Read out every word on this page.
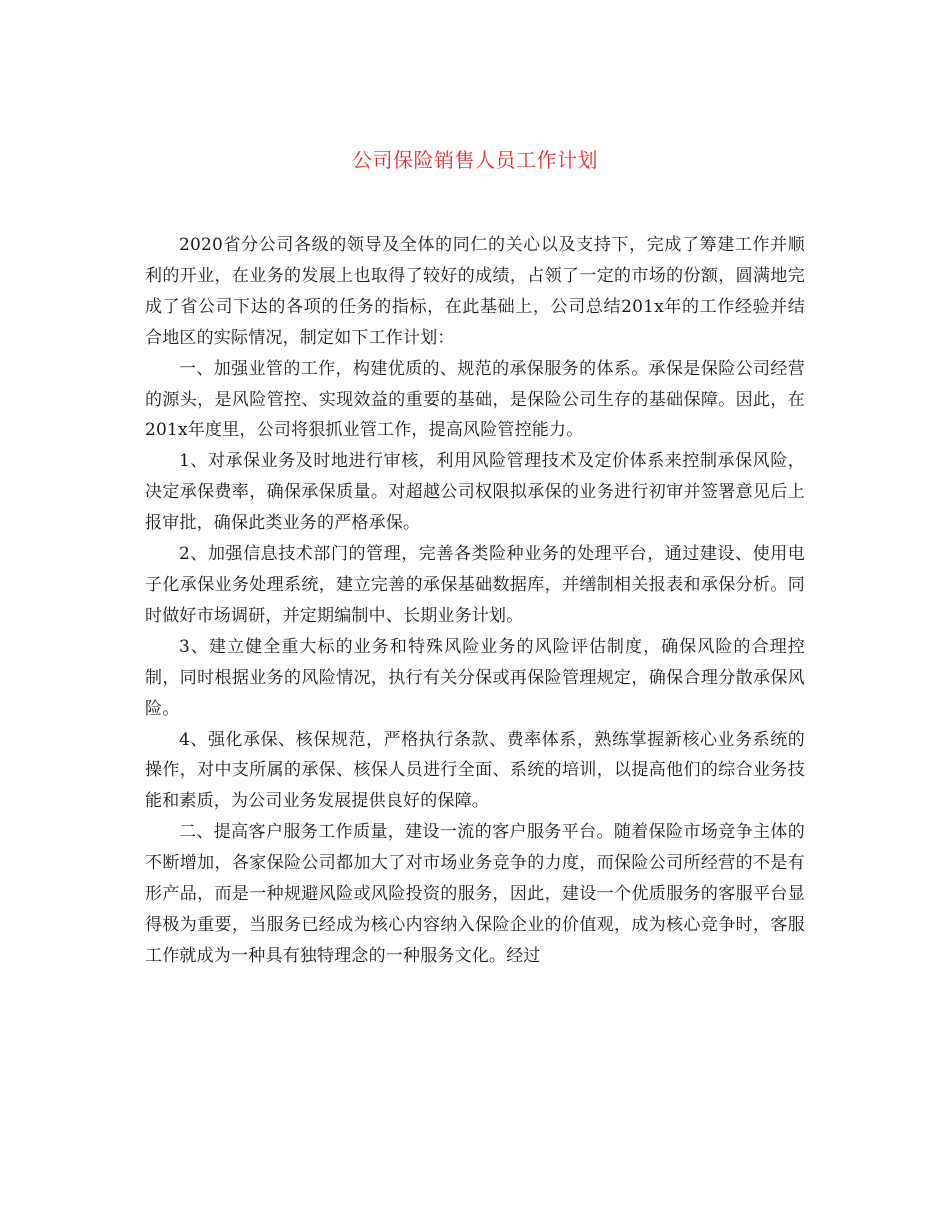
公司保险销售人员工作计划

2020省分公司各级的领导及全体的同仁的关心以及支持下，完成了筹建工作并顺利的开业，在业务的发展上也取得了较好的成绩，占领了一定的市场的份额，圆满地完成了省公司下达的各项的任务的指标，在此基础上，公司总结201x年的工作经验并结合地区的实际情况，制定如下工作计划：

一、加强业管的工作，构建优质的、规范的承保服务的体系。承保是保险公司经营的源头，是风险管控、实现效益的重要的基础，是保险公司生存的基础保障。因此，在201x年度里，公司将狠抓业管工作，提高风险管控能力。

1、对承保业务及时地进行审核，利用风险管理技术及定价体系来控制承保风险，决定承保费率，确保承保质量。对超越公司权限拟承保的业务进行初审并签署意见后上报审批，确保此类业务的严格承保。

2、加强信息技术部门的管理，完善各类险种业务的处理平台，通过建设、使用电子化承保业务处理系统，建立完善的承保基础数据库，并缮制相关报表和承保分析。同时做好市场调研，并定期编制中、长期业务计划。

3、建立健全重大标的业务和特殊风险业务的风险评估制度，确保风险的合理控制，同时根据业务的风险情况，执行有关分保或再保险管理规定，确保合理分散承保风险。

4、强化承保、核保规范，严格执行条款、费率体系，熟练掌握新核心业务系统的操作，对中支所属的承保、核保人员进行全面、系统的培训，以提高他们的综合业务技能和素质，为公司业务发展提供良好的保障。

二、提高客户服务工作质量，建设一流的客户服务平台。随着保险市场竞争主体的不断增加，各家保险公司都加大了对市场业务竞争的力度，而保险公司所经营的不是有形产品，而是一种规避风险或风险投资的服务，因此，建设一个优质服务的客服平台显得极为重要，当服务已经成为核心内容纳入保险企业的价值观，成为核心竞争时，客服工作就成为一种具有独特理念的一种服务文化。经过
